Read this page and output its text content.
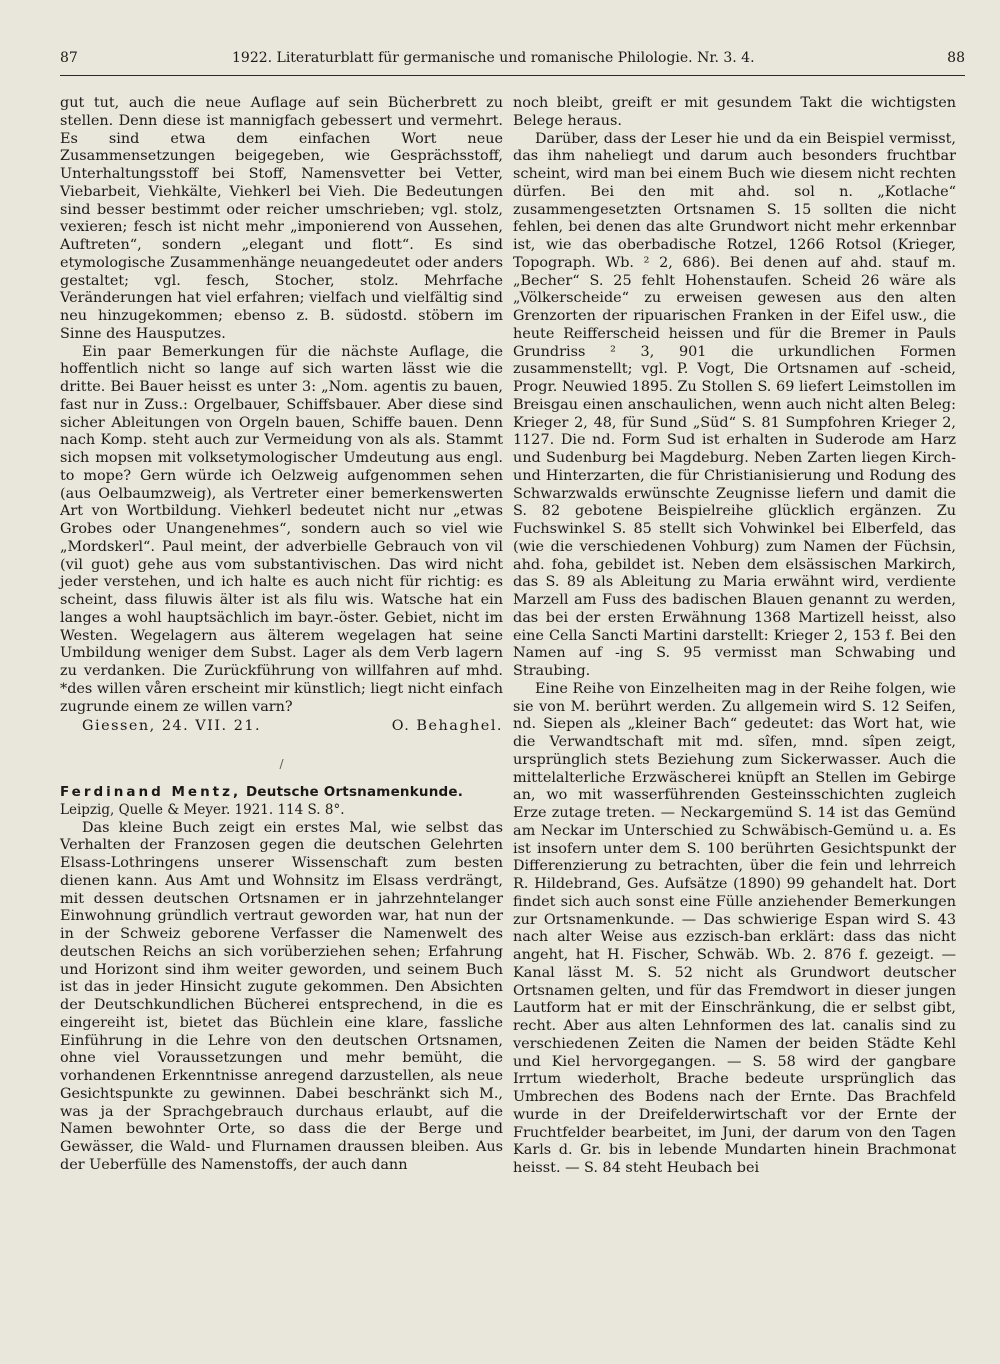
87	1922. Literaturblatt für germanische und romanische Philologie. Nr. 3. 4.	88

gut tut, auch die neue Auflage auf sein Bücherbrett zu stellen. Denn diese ist mannigfach gebessert und vermehrt. Es sind etwa dem einfachen Wort neue Zusammensetzungen beigegeben, wie Gesprächsstoff, Unterhaltungsstoff bei Stoff, Namensvetter bei Vetter, Viebarbeit, Viehkälte, Viehkerl bei Vieh. Die Bedeutungen sind besser bestimmt oder reicher umschrieben; vgl. stolz, vexieren; fesch ist nicht mehr „imponierend von Aussehen, Auftreten“, sondern „elegant und flott“. Es sind etymologische Zusammenhänge neuangedeutet oder anders gestaltet; vgl. fesch, Stocher, stolz. Mehrfache Veränderungen hat viel erfahren; vielfach und vielfältig sind neu hinzugekommen; ebenso z. B. südostd. stöbern im Sinne des Hausputzes.

Ein paar Bemerkungen für die nächste Auflage, die hoffentlich nicht so lange auf sich warten lässt wie die dritte. Bei Bauer heisst es unter 3: „Nom. agentis zu bauen, fast nur in Zuss.: Orgelbauer, Schiffsbauer. Aber diese sind sicher Ableitungen von Orgeln bauen, Schiffe bauen. Denn nach Komp. steht auch zur Vermeidung von als als. Stammt sich mopsen mit volksetymologischer Umdeutung aus engl. to mope? Gern würde ich Oelzweig aufgenommen sehen (aus Oelbaumzweig), als Vertreter einer bemerkenswerten Art von Wortbildung. Viehkerl bedeutet nicht nur „etwas Grobes oder Unangenehmes“, sondern auch so viel wie „Mordskerl“. Paul meint, der adverbielle Gebrauch von vil (vil guot) gehe aus vom substantivischen. Das wird nicht jeder verstehen, und ich halte es auch nicht für richtig: es scheint, dass filuwis älter ist als filu wis. Watsche hat ein langes a wohl hauptsächlich im bayr.-öster. Gebiet, nicht im Westen. Wegelagern aus älterem wegelagen hat seine Umbildung weniger dem Subst. Lager als dem Verb lagern zu verdanken. Die Zurückführung von willfahren auf mhd. *des willen våren erscheint mir künstlich; liegt nicht einfach zugrunde einem ze willen varn?

Giessen, 24. VII. 21.	O. Behaghel.
/
Ferdinand Mentz, Deutsche Ortsnamenkunde.
Leipzig, Quelle & Meyer. 1921. 114 S. 8°.

Das kleine Buch zeigt ein erstes Mal, wie selbst das Verhalten der Franzosen gegen die deutschen Gelehrten Elsass-Lothringens unserer Wissenschaft zum besten dienen kann. Aus Amt und Wohnsitz im Elsass verdrängt, mit dessen deutschen Ortsnamen er in jahrzehntelanger Einwohnung gründlich vertraut geworden war, hat nun der in der Schweiz geborene Verfasser die Namenwelt des deutschen Reichs an sich vorüberziehen sehen; Erfahrung und Horizont sind ihm weiter geworden, und seinem Buch ist das in jeder Hinsicht zugute gekommen. Den Absichten der Deutschkundlichen Bücherei entsprechend, in die es eingereiht ist, bietet das Büchlein eine klare, fassliche Einführung in die Lehre von den deutschen Ortsnamen, ohne viel Voraussetzungen und mehr bemüht, die vorhandenen Erkenntnisse anregend darzustellen, als neue Gesichtspunkte zu gewinnen. Dabei beschränkt sich M., was ja der Sprachgebrauch durchaus erlaubt, auf die Namen bewohnter Orte, so dass die der Berge und Gewässer, die Wald- und Flurnamen draussen bleiben. Aus der Ueberfülle des Namenstoffs, der auch dann

noch bleibt, greift er mit gesundem Takt die wichtigsten Belege heraus.

Darüber, dass der Leser hie und da ein Beispiel vermisst, das ihm naheliegt und darum auch besonders fruchtbar scheint, wird man bei einem Buch wie diesem nicht rechten dürfen. Bei den mit ahd. sol n. „Kotlache“ zusammengesetzten Ortsnamen S. 15 sollten die nicht fehlen, bei denen das alte Grundwort nicht mehr erkennbar ist, wie das oberbadische Rotzel, 1266 Rotsol (Krieger, Topograph. Wb. ² 2, 686). Bei denen auf ahd. stauf m. „Becher“ S. 25 fehlt Hohenstaufen. Scheid 26 wäre als „Völkerscheide“ zu erweisen gewesen aus den alten Grenzorten der ripuarischen Franken in der Eifel usw., die heute Reifferscheid heissen und für die Bremer in Pauls Grundriss ² 3, 901 die urkundlichen Formen zusammenstellt; vgl. P. Vogt, Die Ortsnamen auf -scheid, Progr. Neuwied 1895. Zu Stollen S. 69 liefert Leimstollen im Breisgau einen anschaulichen, wenn auch nicht alten Beleg: Krieger 2, 48, für Sund „Süd“ S. 81 Sumpfohren Krieger 2, 1127. Die nd. Form Sud ist erhalten in Suderode am Harz und Sudenburg bei Magdeburg. Neben Zarten liegen Kirch- und Hinterzarten, die für Christianisierung und Rodung des Schwarzwalds erwünschte Zeugnisse liefern und damit die S. 82 gebotene Beispielreihe glücklich ergänzen. Zu Fuchswinkel S. 85 stellt sich Vohwinkel bei Elberfeld, das (wie die verschiedenen Vohburg) zum Namen der Füchsin, ahd. foha, gebildet ist. Neben dem elsässischen Markirch, das S. 89 als Ableitung zu Maria erwähnt wird, verdiente Marzell am Fuss des badischen Blauen genannt zu werden, das bei der ersten Erwähnung 1368 Martizell heisst, also eine Cella Sancti Martini darstellt: Krieger 2, 153 f. Bei den Namen auf -ing S. 95 vermisst man Schwabing und Straubing.

Eine Reihe von Einzelheiten mag in der Reihe folgen, wie sie von M. berührt werden. Zu allgemein wird S. 12 Seifen, nd. Siepen als „kleiner Bach“ gedeutet: das Wort hat, wie die Verwandtschaft mit md. sîfen, mnd. sîpen zeigt, ursprünglich stets Beziehung zum Sickerwasser. Auch die mittelalterliche Erzwäscherei knüpft an Stellen im Gebirge an, wo mit wasserführenden Gesteinsschichten zugleich Erze zutage treten. — Neckargemünd S. 14 ist das Gemünd am Neckar im Unterschied zu Schwäbisch-Gemünd u. a. Es ist insofern unter dem S. 100 berührten Gesichtspunkt der Differenzierung zu betrachten, über die fein und lehrreich R. Hildebrand, Ges. Aufsätze (1890) 99 gehandelt hat. Dort findet sich auch sonst eine Fülle anziehender Bemerkungen zur Ortsnamenkunde. — Das schwierige Espan wird S. 43 nach alter Weise aus ezzisch-ban erklärt: dass das nicht angeht, hat H. Fischer, Schwäb. Wb. 2. 876 f. gezeigt. — Kanal lässt M. S. 52 nicht als Grundwort deutscher Ortsnamen gelten, und für das Fremdwort in dieser jungen Lautform hat er mit der Einschränkung, die er selbst gibt, recht. Aber aus alten Lehnformen des lat. canalis sind zu verschiedenen Zeiten die Namen der beiden Städte Kehl und Kiel hervorgegangen. — S. 58 wird der gangbare Irrtum wiederholt, Brache bedeute ursprünglich das Umbrechen des Bodens nach der Ernte. Das Brachfeld wurde in der Dreifelderwirtschaft vor der Ernte der Fruchtfelder bearbeitet, im Juni, der darum von den Tagen Karls d. Gr. bis in lebende Mundarten hinein Brachmonat heisst. — S. 84 steht Heubach bei
